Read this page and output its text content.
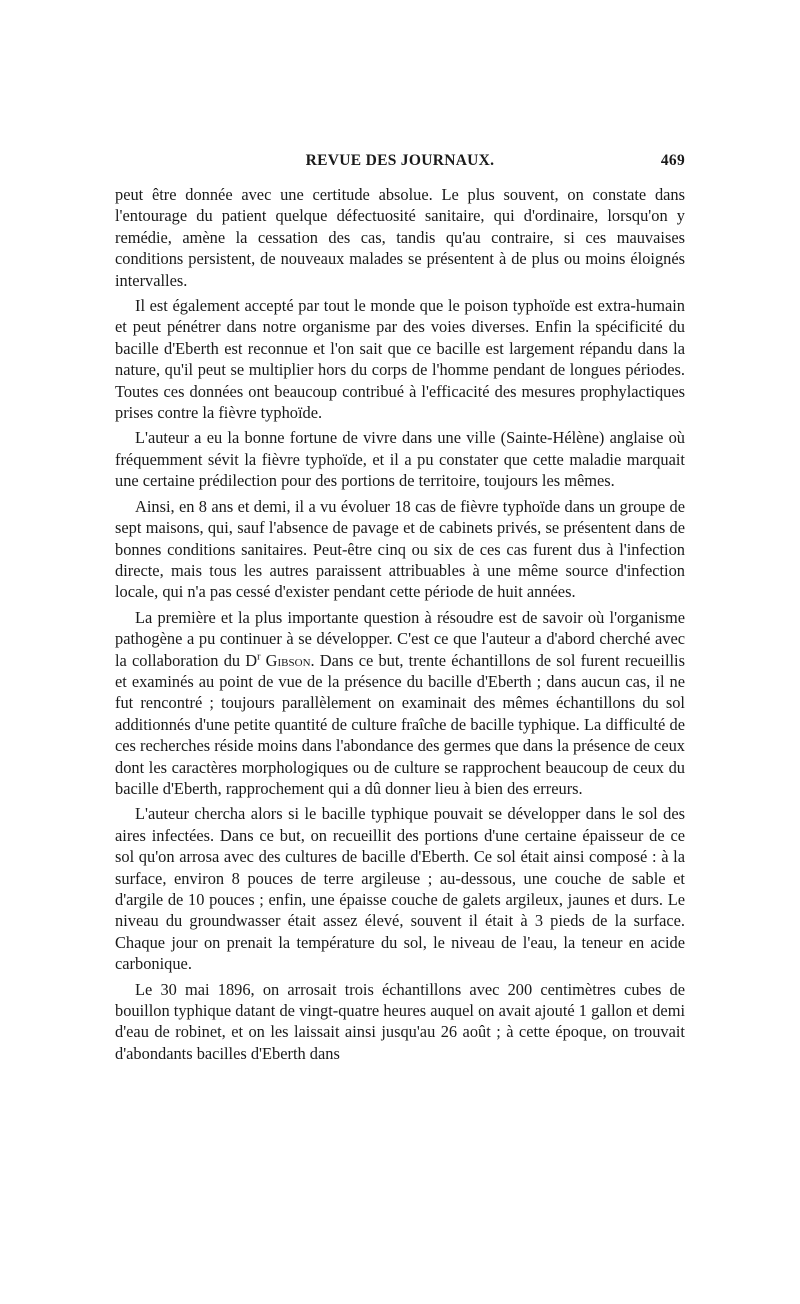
REVUE DES JOURNAUX.	469

peut être donnée avec une certitude absolue. Le plus souvent, on constate dans l'entourage du patient quelque défectuosité sanitaire, qui d'ordinaire, lorsqu'on y remédie, amène la cessation des cas, tandis qu'au contraire, si ces mauvaises conditions persistent, de nouveaux malades se présentent à de plus ou moins éloignés intervalles.

Il est également accepté par tout le monde que le poison typhoïde est extra-humain et peut pénétrer dans notre organisme par des voies diverses. Enfin la spécificité du bacille d'Eberth est reconnue et l'on sait que ce bacille est largement répandu dans la nature, qu'il peut se multiplier hors du corps de l'homme pendant de longues périodes. Toutes ces données ont beaucoup contribué à l'efficacité des mesures prophylactiques prises contre la fièvre typhoïde.

L'auteur a eu la bonne fortune de vivre dans une ville (Sainte-Hélène) anglaise où fréquemment sévit la fièvre typhoïde, et il a pu constater que cette maladie marquait une certaine prédilection pour des portions de territoire, toujours les mêmes.

Ainsi, en 8 ans et demi, il a vu évoluer 18 cas de fièvre typhoïde dans un groupe de sept maisons, qui, sauf l'absence de pavage et de cabinets privés, se présentent dans de bonnes conditions sanitaires. Peut-être cinq ou six de ces cas furent dus à l'infection directe, mais tous les autres paraissent attribuables à une même source d'infection locale, qui n'a pas cessé d'exister pendant cette période de huit années.

La première et la plus importante question à résoudre est de savoir où l'organisme pathogène a pu continuer à se développer. C'est ce que l'auteur a d'abord cherché avec la collaboration du $D^r$ Gibson. Dans ce but, trente échantillons de sol furent recueillis et examinés au point de vue de la présence du bacille d'Eberth ; dans aucun cas, il ne fut rencontré ; toujours parallèlement on examinait des mêmes échantillons du sol additionnés d'une petite quantité de culture fraîche de bacille typhique. La difficulté de ces recherches réside moins dans l'abondance des germes que dans la présence de ceux dont les caractères morphologiques ou de culture se rapprochent beaucoup de ceux du bacille d'Eberth, rapprochement qui a dû donner lieu à bien des erreurs.

L'auteur chercha alors si le bacille typhique pouvait se développer dans le sol des aires infectées. Dans ce but, on recueillit des portions d'une certaine épaisseur de ce sol qu'on arrosa avec des cultures de bacille d'Eberth. Ce sol était ainsi composé : à la surface, environ 8 pouces de terre argileuse ; au-dessous, une couche de sable et d'argile de 10 pouces ; enfin, une épaisse couche de galets argileux, jaunes et durs. Le niveau du groundwasser était assez élevé, souvent il était à 3 pieds de la surface. Chaque jour on prenait la température du sol, le niveau de l'eau, la teneur en acide carbonique.

Le 30 mai 1896, on arrosait trois échantillons avec 200 centimètres cubes de bouillon typhique datant de vingt-quatre heures auquel on avait ajouté 1 gallon et demi d'eau de robinet, et on les laissait ainsi jusqu'au 26 août ; à cette époque, on trouvait d'abondants bacilles d'Eberth dans
